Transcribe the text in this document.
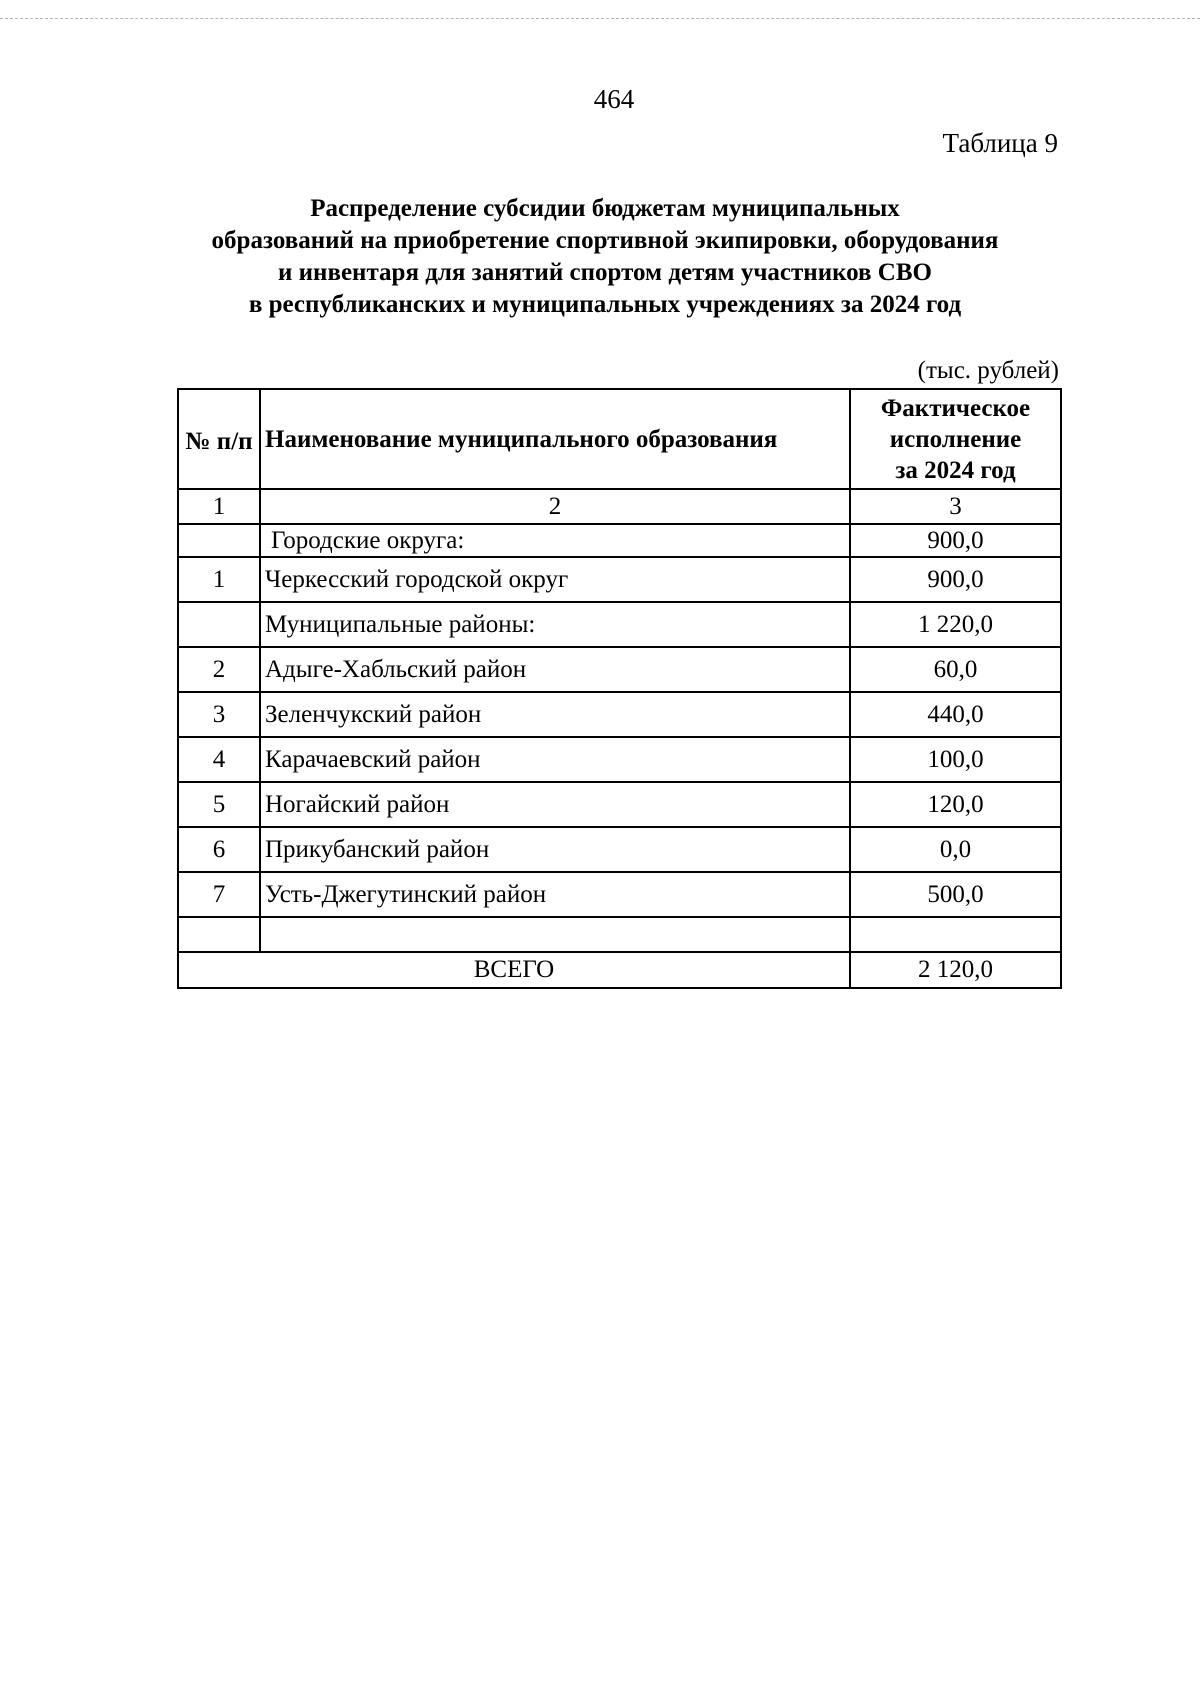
464
Таблица 9
Распределение субсидии бюджетам муниципальных
образований на приобретение спортивной экипировки, оборудования
и инвентаря для занятий спортом детям участников СВО
в республиканских и муниципальных учреждениях за 2024 год
(тыс. рублей)
№ п/п	Наименование муниципального образования	Фактическое
исполнение
за 2024 год

1	2	3
	Городские округа:	900,0
1	Черкесский городской округ	900,0
	Муниципальные районы:	1 220,0
2	Адыге-Хабльский район	60,0
3	Зеленчукский район	440,0
4	Карачаевский район	100,0
5	Ногайский район	120,0
6	Прикубанский район	0,0
7	Усть-Джегутинский район	500,0

ВСЕГО		2 120,0
